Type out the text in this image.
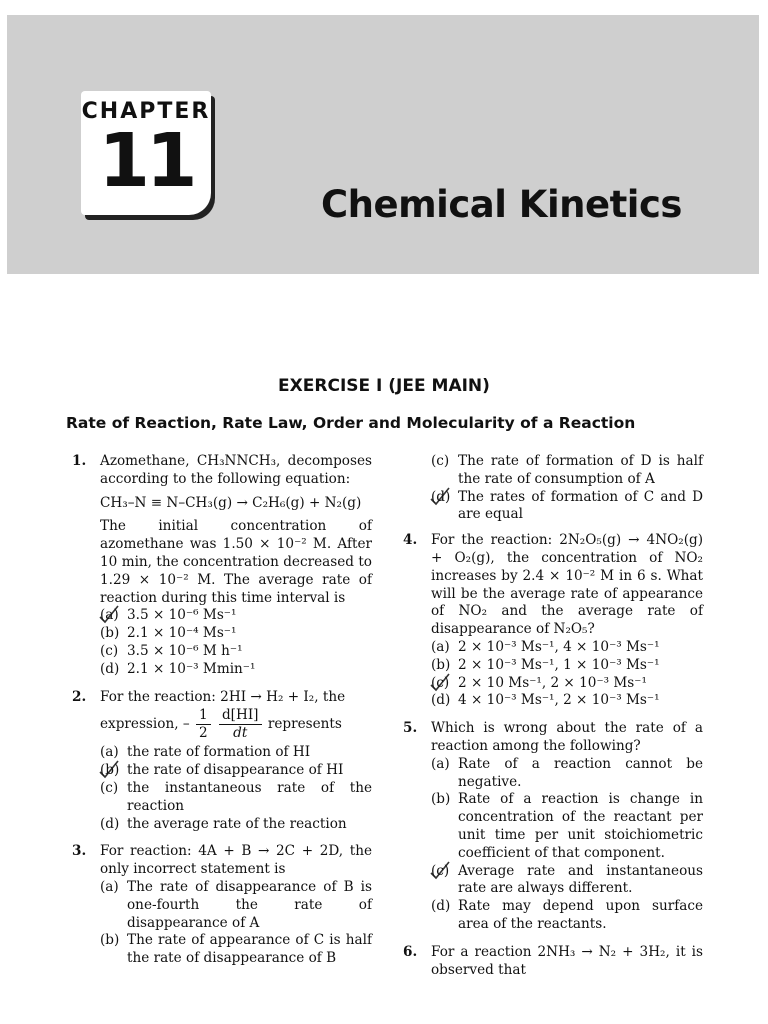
CHAPTER
11
Chemical Kinetics
EXERCISE I (JEE MAIN)
Rate of Reaction, Rate Law, Order and Molecularity of a Reaction
1. Azomethane, CH₃NNCH₃, decomposes according to the following equation:
CH₃–N ≡ N–CH₃(g) → C₂H₆(g) + N₂(g)
The initial concentration of azomethane was 1.50 × 10⁻² M. After 10 min, the concentration decreased to 1.29 × 10⁻² M. The average rate of reaction during this time interval is
(a) 3.5 × 10⁻⁶ Ms⁻¹
(b) 2.1 × 10⁻⁴ Ms⁻¹
(c) 3.5 × 10⁻⁶ M h⁻¹
(d) 2.1 × 10⁻³ Mmin⁻¹
2. For the reaction: 2HI → H₂ + I₂, the
expression, – $\frac{1}{2}$
$\frac{d[HI]}{dt}$ represents
(a) the rate of formation of HI
(b) the rate of disappearance of HI
(c) the instantaneous rate of the reaction
(d) the average rate of the reaction
3. For reaction: 4A + B → 2C + 2D, the only incorrect statement is
(a) The rate of disappearance of B is one-fourth the rate of disappearance of A
(b) The rate of appearance of C is half the rate of disappearance of B
(c) The rate of formation of D is half the rate of consumption of A
(d) The rates of formation of C and D are equal
4. For the reaction: 2N₂O₅(g) → 4NO₂(g) + O₂(g), the concentration of NO₂ increases by 2.4 × 10⁻² M in 6 s. What will be the average rate of appearance of NO₂ and the average rate of disappearance of N₂O₅?
(a) 2 × 10⁻³ Ms⁻¹, 4 × 10⁻³ Ms⁻¹
(b) 2 × 10⁻³ Ms⁻¹, 1 × 10⁻³ Ms⁻¹
(c) 2 × 10 Ms⁻¹, 2 × 10⁻³ Ms⁻¹
(d) 4 × 10⁻³ Ms⁻¹, 2 × 10⁻³ Ms⁻¹
5. Which is wrong about the rate of a reaction among the following?
(a) Rate of a reaction cannot be negative.
(b) Rate of a reaction is change in concentration of the reactant per unit time per unit stoichiometric coefficient of that component.
(c) Average rate and instantaneous rate are always different.
(d) Rate may depend upon surface area of the reactants.
6. For a reaction 2NH₃ → N₂ + 3H₂, it is observed that
